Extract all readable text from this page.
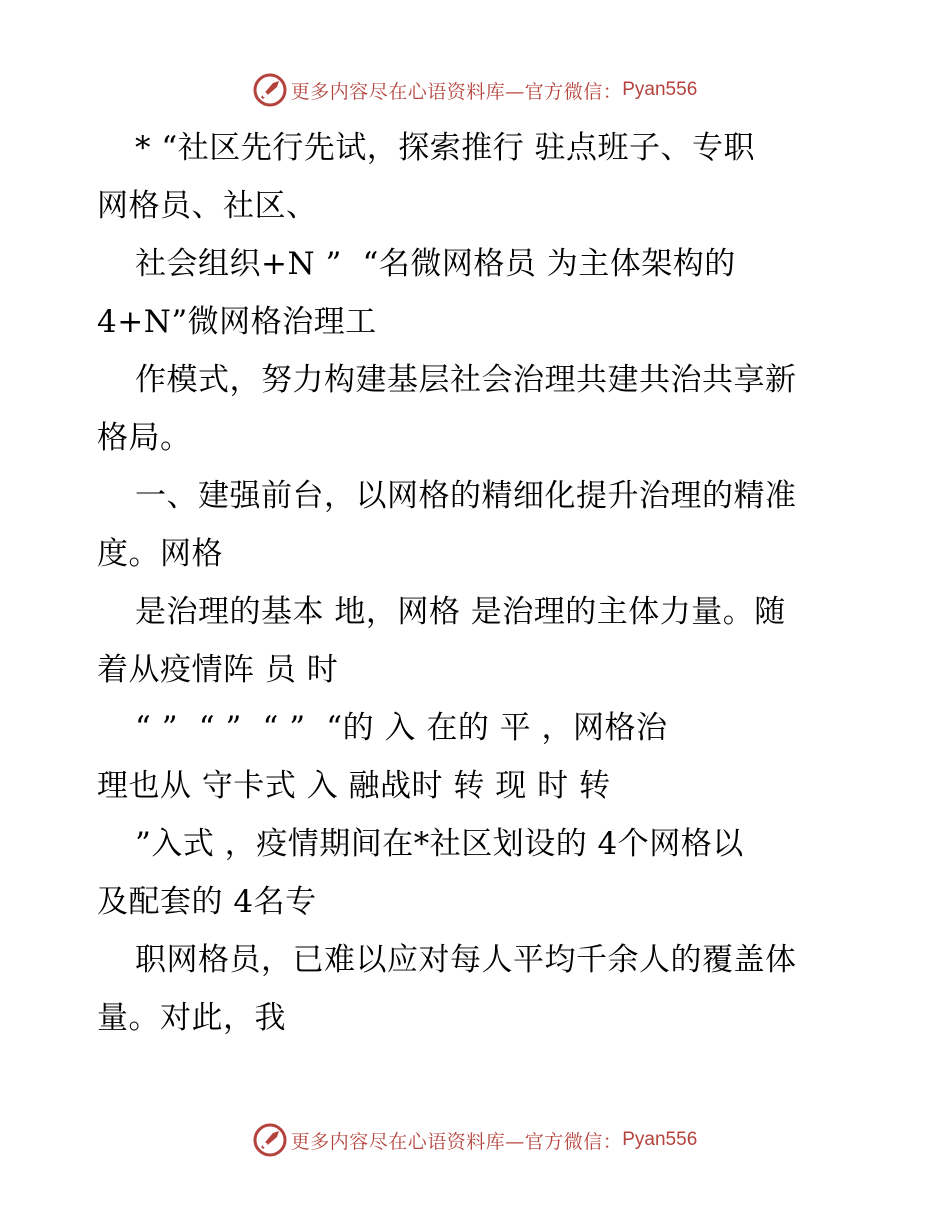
更多内容尽在心语资料库—官方微信： Pyan556
* “社区先行先试，探索推行 驻点班子、专职
网格员、社区、
社会组织+N ”  “名微网格员 为主体架构的
4+N”微网格治理工
作模式，努力构建基层社会治理共建共治共享新
格局。
一、建强前台，以网格的精细化提升治理的精准
度。网格
是治理的基本 地，网格 是治理的主体力量。随
着从疫情阵 员 时
“ ”  “ ”  “ ”  “的 入 在的 平 ，网格治
理也从 守卡式 入 融战时 转 现 时 转
”入式 ，疫情期间在*社区划设的 4个网格以
及配套的 4名专
职网格员，已难以应对每人平均千余人的覆盖体
量。对此，我
更多内容尽在心语资料库—官方微信： Pyan556
